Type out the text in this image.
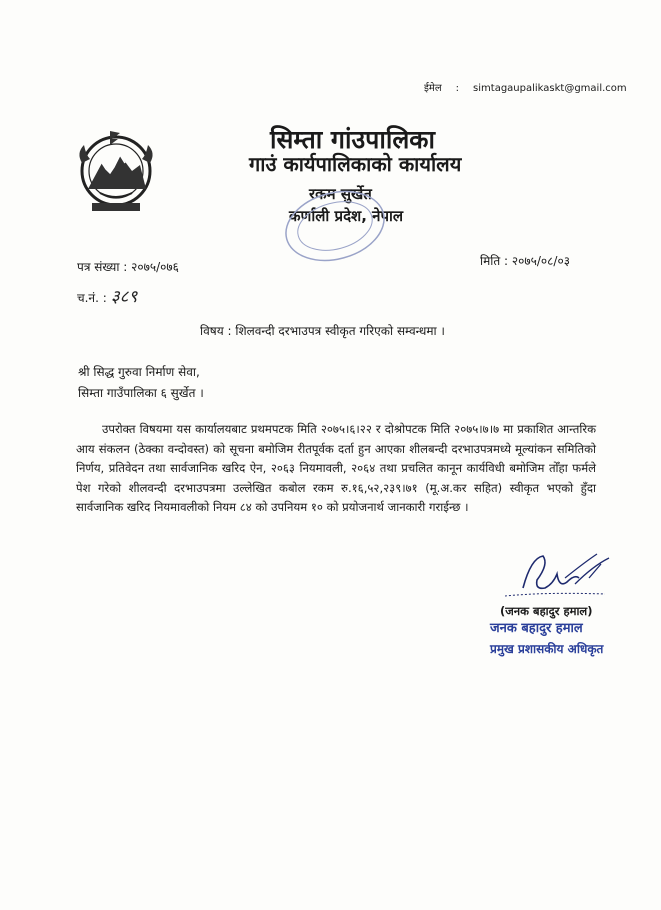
ईमेल : simtagaupalikaskt@gmail.com
सिम्ता गांउपालिका
गाउं कार्यपालिकाको कार्यालय
रकम सुर्खेत
कर्णाली प्रदेश, नेपाल
पत्र संख्या : २०७५/०७६	मिति : २०७५/०८/०३
च.नं. : ३८९
विषय : शिलवन्दी दरभाउपत्र स्वीकृत गरिएको सम्वन्धमा ।
श्री सिद्ध गुरुवा निर्माण सेवा,
सिम्ता गाउँपालिका ६ सुर्खेत ।
उपरोक्त विषयमा यस कार्यालयबाट प्रथमपटक मिति २०७५।६।२२ र दोश्रोपटक मिति २०७५।७।७ मा प्रकाशित आन्तरिक आय संकलन (ठेक्का वन्दोवस्त) को सूचना बमोजिम रीतपूर्वक दर्ता हुन आएका शीलबन्दी दरभाउपत्रमध्ये मूल्यांकन समितिको निर्णय, प्रतिवेदन तथा सार्वजानिक खरिद ऐन, २०६३ नियमावली, २०६४ तथा प्रचलित कानून कार्यविधी बमोजिम तोँहा फर्मले पेश गरेको शीलवन्दी दरभाउपत्रमा उल्लेखित कबोल रकम रु.१६,५२,२३९।७१ (मू.अ.कर सहित) स्वीकृत भएको हुँदा सार्वजानिक खरिद नियमावलीको नियम ८४ को उपनियम १० को प्रयोजनार्थ जानकारी गराईन्छ ।
(जनक बहादुर हमाल)
जनक बहादुर हमाल
प्रमुख प्रशासकीय अधिकृत
